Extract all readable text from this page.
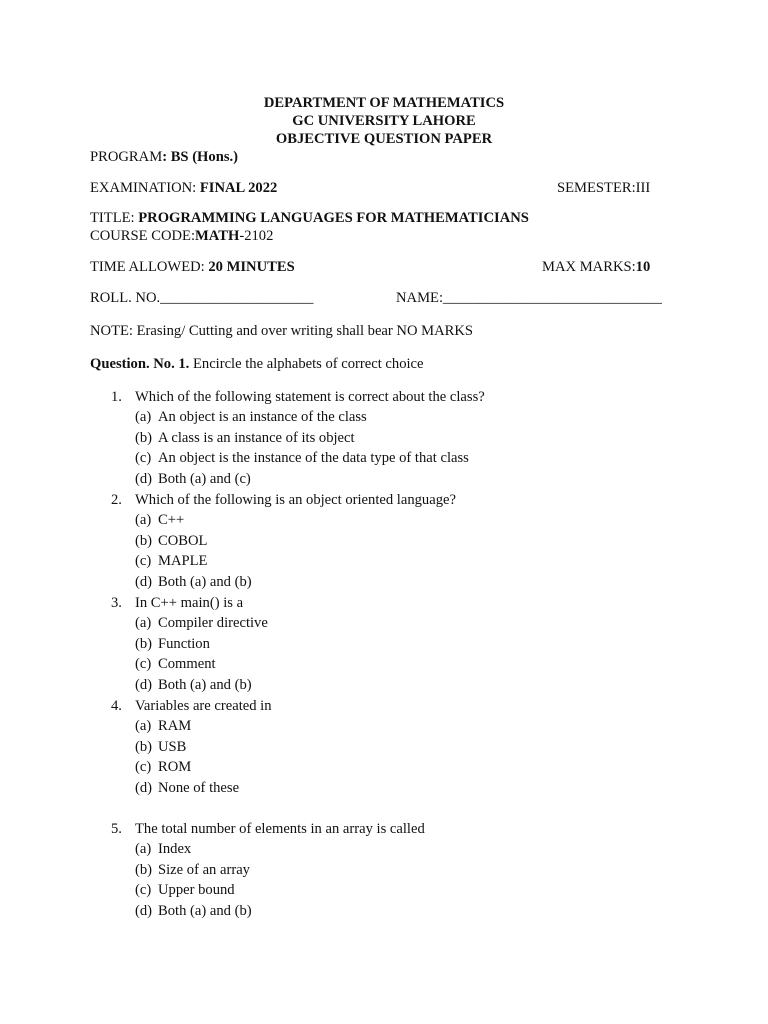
DEPARTMENT OF MATHEMATICS
GC UNIVERSITY LAHORE
OBJECTIVE QUESTION PAPER
PROGRAM: BS (Hons.)
EXAMINATION: FINAL 2022	SEMESTER:III
TITLE: PROGRAMMING LANGUAGES FOR MATHEMATICIANS
COURSE CODE:MATH-2102
TIME ALLOWED: 20 MINUTES	MAX MARKS:10
ROLL. NO._____________________	NAME:______________________________
NOTE: Erasing/ Cutting and over writing shall bear NO MARKS
Question. No. 1. Encircle the alphabets of correct choice
1. Which of the following statement is correct about the class?
(a) An object is an instance of the class
(b) A class is an instance of its object
(c) An object is the instance of the data type of that class
(d) Both (a) and (c)
2. Which of the following is an object oriented language?
(a) C++
(b) COBOL
(c) MAPLE
(d) Both (a) and (b)
3. In C++ main() is a
(a) Compiler directive
(b) Function
(c) Comment
(d) Both (a) and (b)
4. Variables are created in
(a) RAM
(b) USB
(c) ROM
(d) None of these
5. The total number of elements in an array is called
(a) Index
(b) Size of an array
(c) Upper bound
(d) Both (a) and (b)
